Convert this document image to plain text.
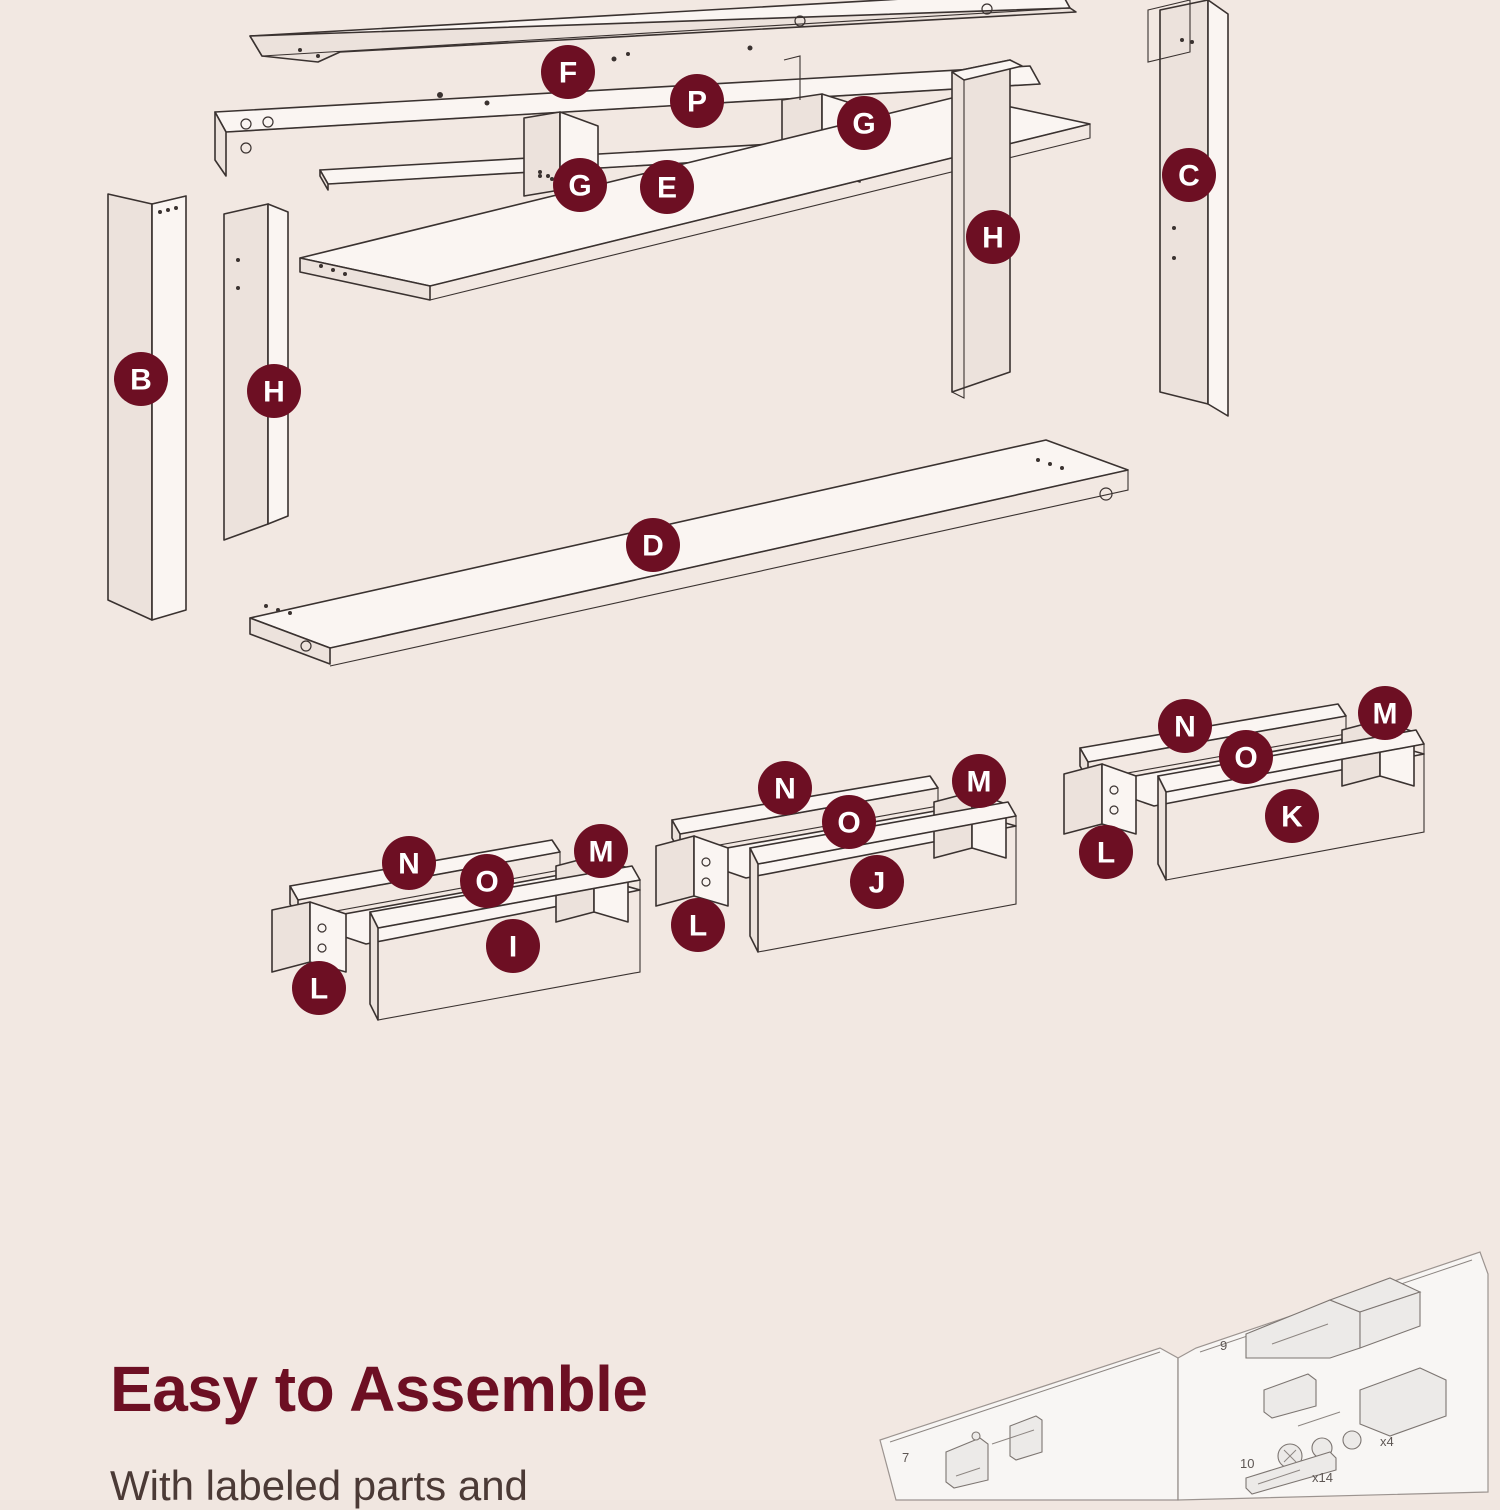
F
P
G
G E	C
H
B	H
D
N	M
O
N	M
O	K
L
N	M
J
O
L
I
L
7
9
10
x14
x4
Easy to Assemble
With labeled parts and
